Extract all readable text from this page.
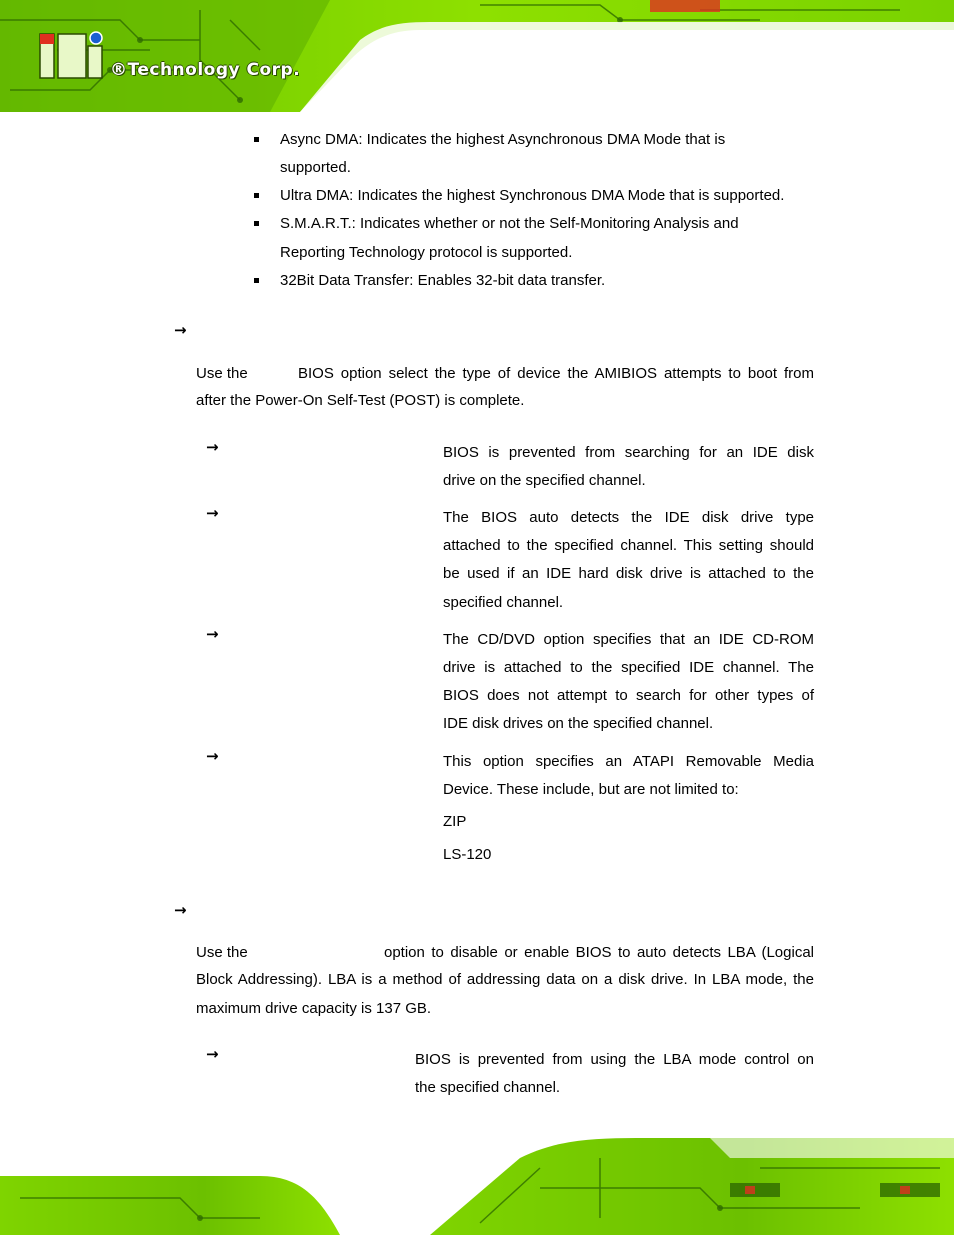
®Technology Corp.
Async DMA: Indicates the highest Asynchronous DMA Mode that is
supported.
Ultra DMA: Indicates the highest Synchronous DMA Mode that is supported.
S.M.A.R.T.: Indicates whether or not the Self-Monitoring Analysis and
Reporting Technology protocol is supported.
32Bit Data Transfer: Enables 32-bit data transfer.
→
Use the	BIOS option select the type of device the AMIBIOS attempts to boot from
after the Power-On Self-Test (POST) is complete.
→	BIOS is prevented from searching for an IDE disk
drive on the specified channel.
→	The BIOS auto detects the IDE disk drive type
attached to the specified channel. This setting should
be used if an IDE hard disk drive is attached to the
specified channel.
→	The CD/DVD option specifies that an IDE CD-ROM
drive is attached to the specified IDE channel. The
BIOS does not attempt to search for other types of
IDE disk drives on the specified channel.
→	This option specifies an ATAPI Removable Media
Device. These include, but are not limited to:
ZIP
LS-120
→
Use the	option to disable or enable BIOS to auto detects LBA (Logical
Block Addressing). LBA is a method of addressing data on a disk drive. In LBA mode, the
maximum drive capacity is 137 GB.
→	BIOS is prevented from using the LBA mode control on
the specified channel.
